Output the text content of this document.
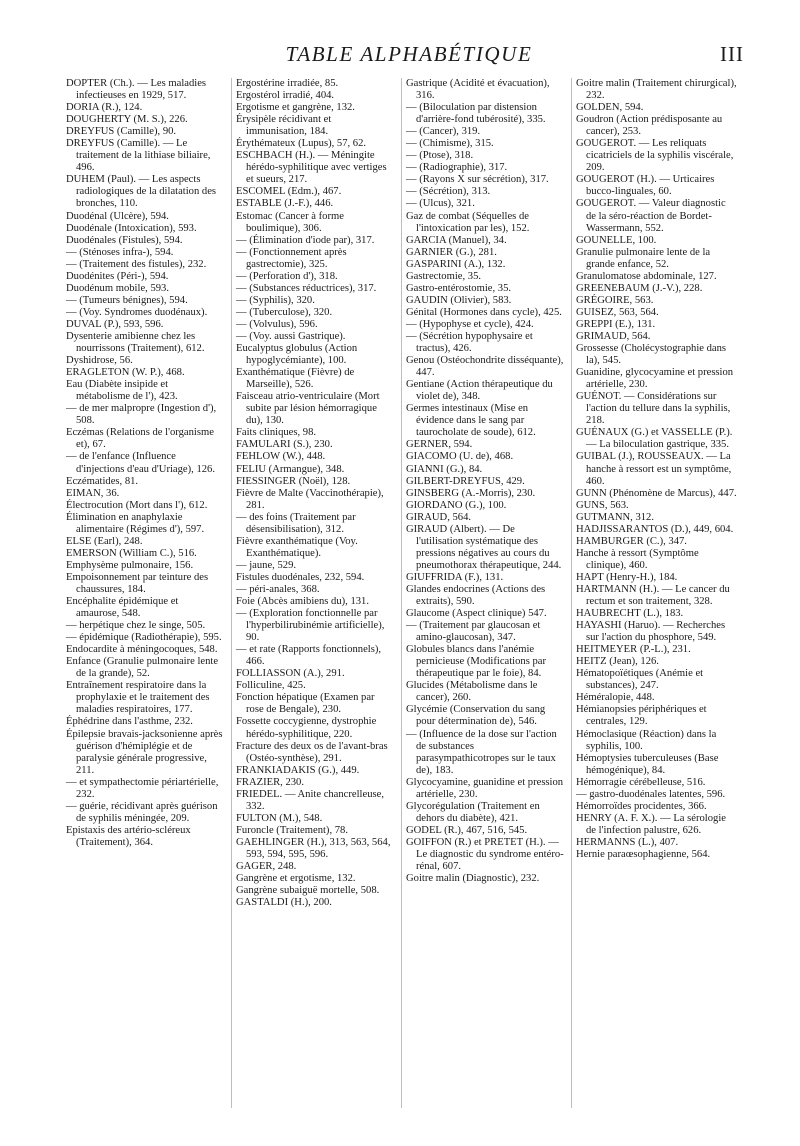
TABLE ALPHABÉTIQUE	III

DOPTER (Ch.). — Les maladies infectieuses en 1929, 517.

DORIA (R.), 124.

DOUGHERTY (M. S.), 226.

DREYFUS (Camille), 90.

DREYFUS (Camille). — Le traitement de la lithiase biliaire, 496.

DUHEM (Paul). — Les aspects radiologiques de la dilatation des bronches, 110.

Duodénal (Ulcère), 594.

Duodénale (Intoxication), 593.

Duodénales (Fistules), 594.

— (Sténoses infra-), 594.

— (Traitement des fistules), 232.

Duodénites (Péri-), 594.

Duodénum mobile, 593.

— (Tumeurs bénignes), 594.

— (Voy. Syndromes duodénaux).

DUVAL (P.), 593, 596.

Dysenterie amibienne chez les nourrissons (Traitement), 612.

Dyshidrose, 56.

ERAGLETON (W. P.), 468.

Eau (Diabète insipide et métabolisme de l'), 423.

— de mer malpropre (Ingestion d'), 508.

Eczémas (Relations de l'organisme et), 67.

— de l'enfance (Influence d'injections d'eau d'Uriage), 126.

Eczématides, 81.

EIMAN, 36.

Électrocution (Mort dans l'), 612.

Élimination en anaphylaxie alimentaire (Régimes d'), 597.

ELSE (Earl), 248.

EMERSON (William C.), 516.

Emphysème pulmonaire, 156.

Empoisonnement par teinture des chaussures, 184.

Encéphalite épidémique et amaurose, 548.

— herpétique chez le singe, 505.

— épidémique (Radiothérapie), 595.

Endocardite à méningocoques, 548.

Enfance (Granulie pulmonaire lente de la grande), 52.

Entraînement respiratoire dans la prophylaxie et le traitement des maladies respiratoires, 177.

Éphédrine dans l'asthme, 232.

Épilepsie bravais-jacksonienne après guérison d'hémiplégie et de paralysie générale progressive, 211.

— et sympathectomie périartérielle, 232.

— guérie, récidivant après guérison de syphilis méningée, 209.

Epistaxis des artério-scléreux (Traitement), 364.

Ergostérine irradiée, 85.

Ergostérol irradié, 404.

Ergotisme et gangrène, 132.

Érysipèle récidivant et immunisation, 184.

Érythémateux (Lupus), 57, 62.

ESCHBACH (H.). — Méningite hérédo-syphilitique avec vertiges et sueurs, 217.

ESCOMEL (Edm.), 467.

ESTABLE (J.-F.), 446.

Estomac (Cancer à forme boulimique), 306.

— (Élimination d'iode par), 317.

— (Fonctionnement après gastrectomie), 325.

— (Perforation d'), 318.

— (Substances réductrices), 317.

— (Syphilis), 320.

— (Tuberculose), 320.

— (Volvulus), 596.

— (Voy. aussi Gastrique).

Eucalyptus globulus (Action hypoglycémiante), 100.

Exanthématique (Fièvre) de Marseille), 526.

Faisceau atrio-ventriculaire (Mort subite par lésion hémorragique du), 130.

Faits cliniques, 98.

FAMULARI (S.), 230.

FEHLOW (W.), 448.

FELIU (Armangue), 348.

FIESSINGER (Noël), 128.

Fièvre de Malte (Vaccinothérapie), 281.

— des foins (Traitement par désensibilisation), 312.

Fièvre exanthématique (Voy. Exanthématique).

— jaune, 529.

Fistules duodénales, 232, 594.

— péri-anales, 368.

Foie (Abcès amibiens du), 131.

— (Exploration fonctionnelle par l'hyperbilirubinémie artificielle), 90.

— et rate (Rapports fonctionnels), 466.

FOLLIASSON (A.), 291.

Folliculine, 425.

Fonction hépatique (Examen par rose de Bengale), 230.

Fossette coccygienne, dystrophie hérédo-syphilitique, 220.

Fracture des deux os de l'avant-bras (Ostéo-synthèse), 291.

FRANKIADAKIS (G.), 449.

FRAZIER, 230.

FRIEDEL. — Anite chancrelleuse, 332.

FULTON (M.), 548.

Furoncle (Traitement), 78.

GAEHLINGER (H.), 313, 563, 564, 593, 594, 595, 596.

GAGER, 248.

Gangrène et ergotisme, 132.

Gangrène subaiguë mortelle, 508.

GASTALDI (H.), 200.

Gastrique (Acidité et évacuation), 316.

— (Biloculation par distension d'arrière-fond tubérosité), 335.

— (Cancer), 319.

— (Chimisme), 315.

— (Ptose), 318.

— (Radiographie), 317.

— (Rayons X sur sécrétion), 317.

— (Sécrétion), 313.

— (Ulcus), 321.

Gaz de combat (Séquelles de l'intoxication par les), 152.

GARCIA (Manuel), 34.

GARNIER (G.), 281.

GASPARINI (A.), 132.

Gastrectomie, 35.

Gastro-entérostomie, 35.

GAUDIN (Olivier), 583.

Génital (Hormones dans cycle), 425.

— (Hypophyse et cycle), 424.

— (Sécrétion hypophysaire et tractus), 426.

Genou (Ostéochondrite disséquante), 447.

Gentiane (Action thérapeutique du violet de), 348.

Germes intestinaux (Mise en évidence dans le sang par taurocholate de soude), 612.

GERNER, 594.

GIACOMO (U. de), 468.

GIANNI (G.), 84.

GILBERT-DREYFUS, 429.

GINSBERG (A.-Morris), 230.

GIORDANO (G.), 100.

GIRAUD, 564.

GIRAUD (Albert). — De l'utilisation systématique des pressions négatives au cours du pneumothorax thérapeutique, 244.

GIUFFRIDA (F.), 131.

Glandes endocrines (Actions des extraits), 590.

Glaucome (Aspect clinique) 547.

— (Traitement par glaucosan et amino-glaucosan), 347.

Globules blancs dans l'anémie pernicieuse (Modifications par thérapeutique par le foie), 84.

Glucides (Métabolisme dans le cancer), 260.

Glycémie (Conservation du sang pour détermination de), 546.

— (Influence de la dose sur l'action de substances parasympathicotropes sur le taux de), 183.

Glycocyamine, guanidine et pression artérielle, 230.

Glycorégulation (Traitement en dehors du diabète), 421.

GODEL (R.), 467, 516, 545.

GOIFFON (R.) et PRETET (H.). — Le diagnostic du syndrome entéro-rénal, 607.

Goitre malin (Diagnostic), 232.

Goitre malin (Traitement chirurgical), 232.

GOLDEN, 594.

Goudron (Action prédisposante au cancer), 253.

GOUGEROT. — Les reliquats cicatriciels de la syphilis viscérale, 209.

GOUGEROT (H.). — Urticaires bucco-linguales, 60.

GOUGEROT. — Valeur diagnostic de la séro-réaction de Bordet-Wassermann, 552.

GOUNELLE, 100.

Granulie pulmonaire lente de la grande enfance, 52.

Granulomatose abdominale, 127.

GREENEBAUM (J.-V.), 228.

GRÉGOIRE, 563.

GUISEZ, 563, 564.

GREPPI (E.), 131.

GRIMAUD, 564.

Grossesse (Cholécystographie dans la), 545.

Guanidine, glycocyamine et pression artérielle, 230.

GUÉNOT. — Considérations sur l'action du tellure dans la syphilis, 218.

GUÉNAUX (G.) et VASSELLE (P.). — La biloculation gastrique, 335.

GUIBAL (J.), ROUSSEAUX. — La hanche à ressort est un symptôme, 460.

GUNN (Phénomène de Marcus), 447.

GUNS, 563.

GUTMANN, 312.

HADJISSARANTOS (D.), 449, 604.

HAMBURGER (C.), 347.

Hanche à ressort (Symptôme clinique), 460.

HAPT (Henry-H.), 184.

HARTMANN (H.). — Le cancer du rectum et son traitement, 328.

HAUBRECHT (L.), 183.

HAYASHI (Haruo). — Recherches sur l'action du phosphore, 549.

HEITMEYER (P.-L.), 231.

HEITZ (Jean), 126.

Hématopoïétiques (Anémie et substances), 247.

Héméralopie, 448.

Hémianopsies périphériques et centrales, 129.

Hémoclasique (Réaction) dans la syphilis, 100.

Hémoptysies tuberculeuses (Base hémogénique), 84.

Hémorragie cérébelleuse, 516.

— gastro-duodénales latentes, 596.

Hémorroïdes procidentes, 366.

HENRY (A. F. X.). — La sérologie de l'infection palustre, 626.

HERMANNS (L.), 407.

Hernie paraœsophagienne, 564.
